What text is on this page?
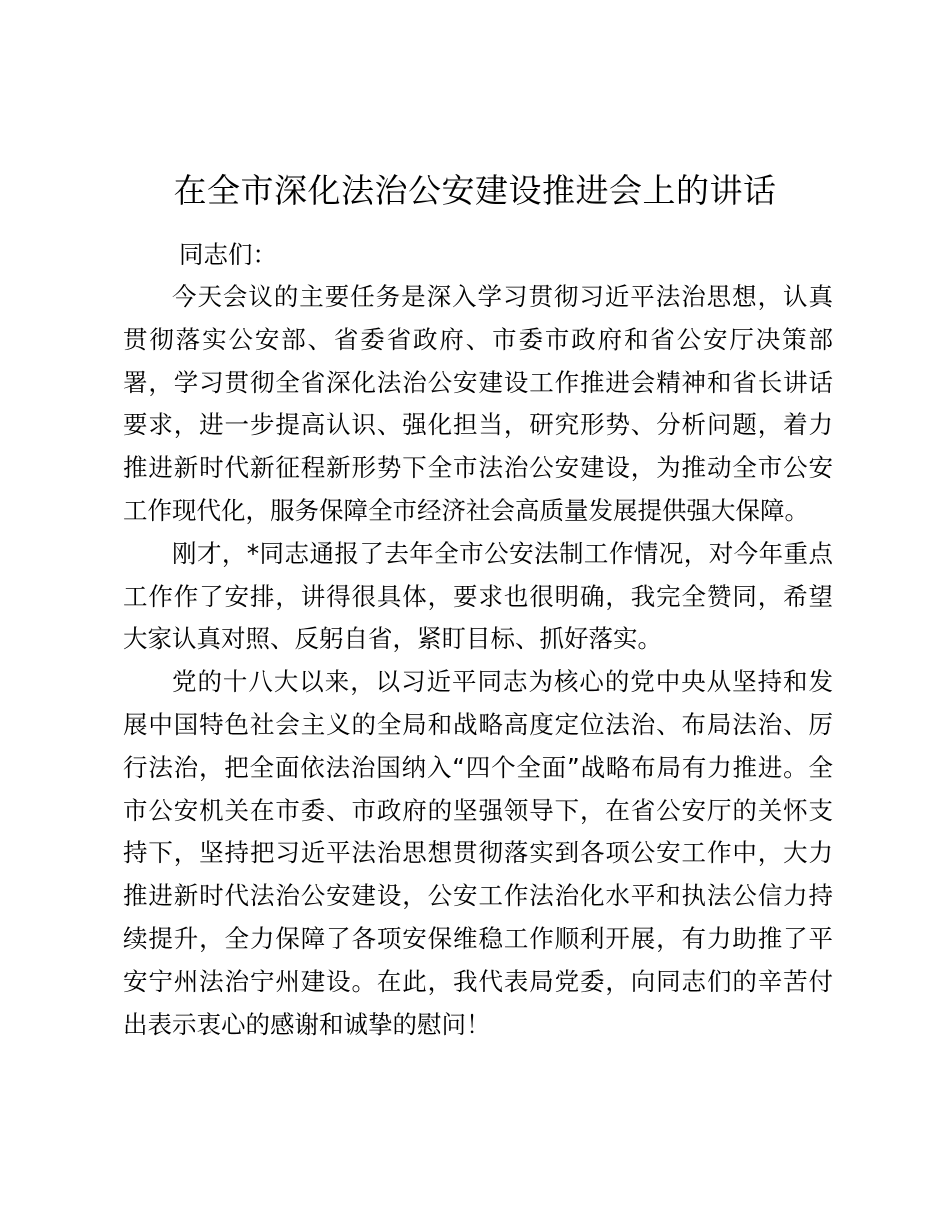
在全市深化法治公安建设推进会上的讲话

同志们：

今天会议的主要任务是深入学习贯彻习近平法治思想，认真贯彻落实公安部、省委省政府、市委市政府和省公安厅决策部署，学习贯彻全省深化法治公安建设工作推进会精神和省长讲话要求，进一步提高认识、强化担当，研究形势、分析问题，着力推进新时代新征程新形势下全市法治公安建设，为推动全市公安工作现代化，服务保障全市经济社会高质量发展提供强大保障。

刚才，*同志通报了去年全市公安法制工作情况，对今年重点工作作了安排，讲得很具体，要求也很明确，我完全赞同，希望大家认真对照、反躬自省，紧盯目标、抓好落实。

党的十八大以来，以习近平同志为核心的党中央从坚持和发展中国特色社会主义的全局和战略高度定位法治、布局法治、厉行法治，把全面依法治国纳入“四个全面”战略布局有力推进。全市公安机关在市委、市政府的坚强领导下，在省公安厅的关怀支持下，坚持把习近平法治思想贯彻落实到各项公安工作中，大力推进新时代法治公安建设，公安工作法治化水平和执法公信力持续提升，全力保障了各项安保维稳工作顺利开展，有力助推了平安宁州法治宁州建设。在此，我代表局党委，向同志们的辛苦付出表示衷心的感谢和诚挚的慰问！
